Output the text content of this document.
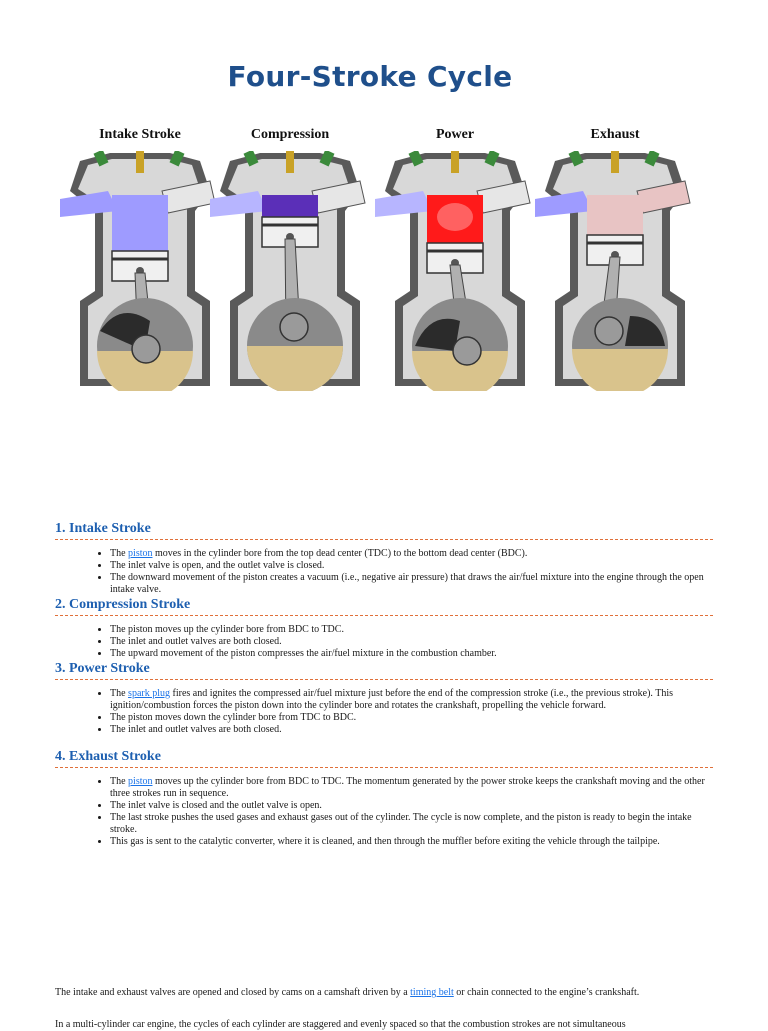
Four-Stroke Cycle
Intake Stroke	Compression	Power	Exhaust
1. Intake Stroke
• The piston moves in the cylinder bore from the top dead center (TDC) to the bottom dead center (BDC).
• The inlet valve is open, and the outlet valve is closed.
• The downward movement of the piston creates a vacuum (i.e., negative air pressure) that draws the air/fuel mixture into the engine through the open intake valve.
2. Compression Stroke
• The piston moves up the cylinder bore from BDC to TDC.
• The inlet and outlet valves are both closed.
• The upward movement of the piston compresses the air/fuel mixture in the combustion chamber.
3. Power Stroke
• The spark plug fires and ignites the compressed air/fuel mixture just before the end of the compression stroke (i.e., the previous stroke). This ignition/combustion forces the piston down into the cylinder bore and rotates the crankshaft, propelling the vehicle forward.
• The piston moves down the cylinder bore from TDC to BDC.
• The inlet and outlet valves are both closed.
4. Exhaust Stroke
• The piston moves up the cylinder bore from BDC to TDC. The momentum generated by the power stroke keeps the crankshaft moving and the other three strokes run in sequence.
• The inlet valve is closed and the outlet valve is open.
• The last stroke pushes the used gases and exhaust gases out of the cylinder. The cycle is now complete, and the piston is ready to begin the intake stroke.
• This gas is sent to the catalytic converter, where it is cleaned, and then through the muffler before exiting the vehicle through the tailpipe.

The intake and exhaust valves are opened and closed by cams on a camshaft driven by a timing belt or chain connected to the engine’s crankshaft.

In a multi-cylinder car engine, the cycles of each cylinder are staggered and evenly spaced so that the combustion strokes are not simultaneous
